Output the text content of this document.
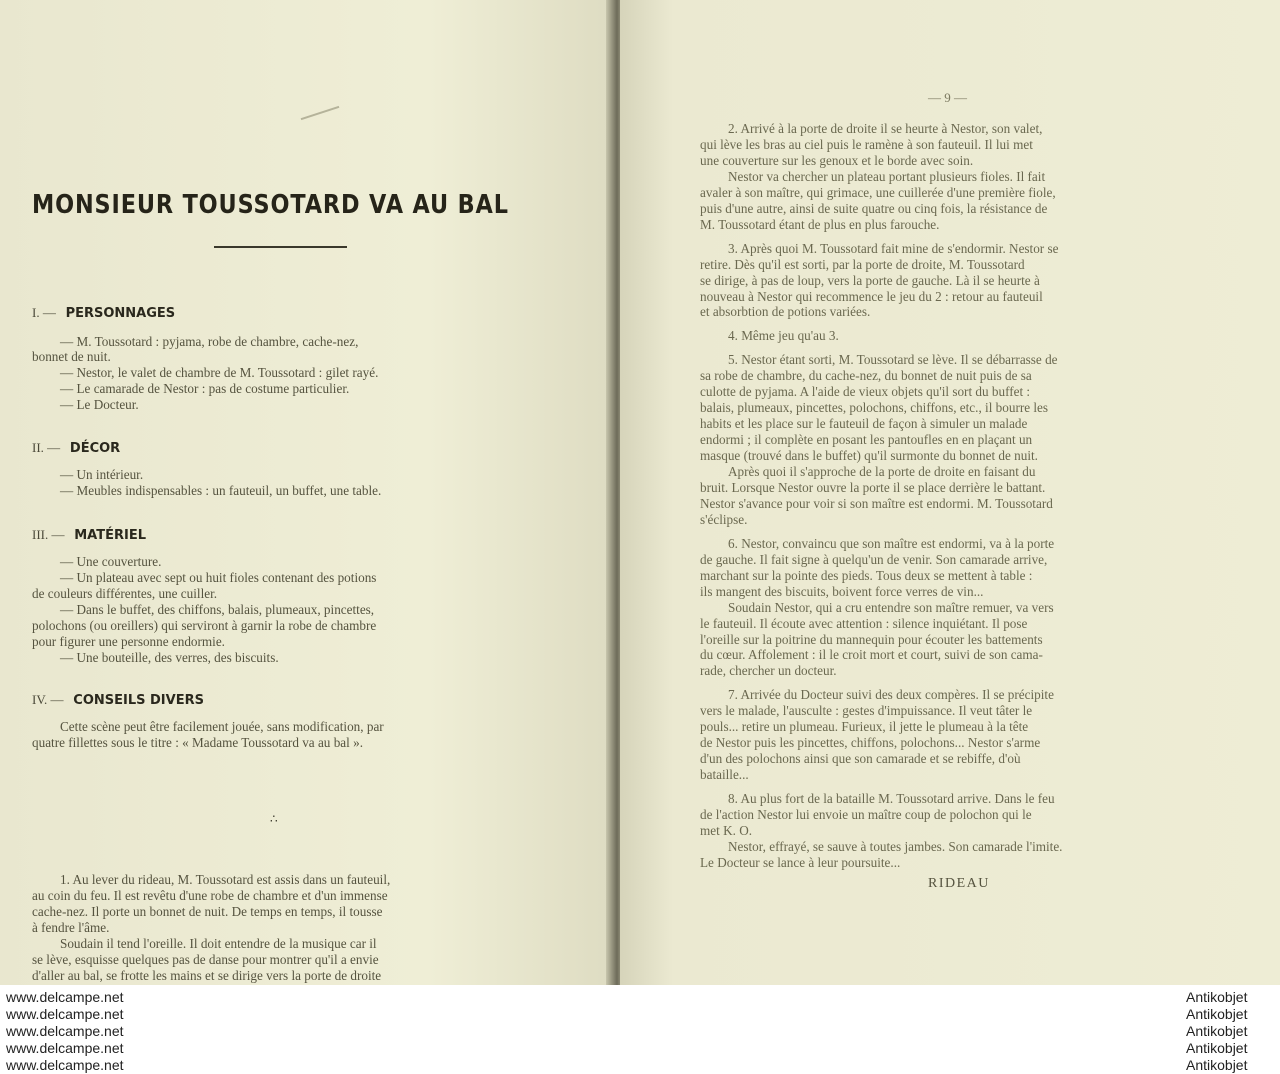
MONSIEUR TOUSSOTARD VA AU BAL
I. — PERSONNAGES
— M. Toussotard : pyjama, robe de chambre, cache-nez,
bonnet de nuit.
— Nestor, le valet de chambre de M. Toussotard : gilet rayé.
— Le camarade de Nestor : pas de costume particulier.
— Le Docteur.
II. — DÉCOR
— Un intérieur.
— Meubles indispensables : un fauteuil, un buffet, une table.
III. — MATÉRIEL
— Une couverture.
— Un plateau avec sept ou huit fioles contenant des potions
de couleurs différentes, une cuiller.
— Dans le buffet, des chiffons, balais, plumeaux, pincettes,
polochons (ou oreillers) qui serviront à garnir la robe de chambre
pour figurer une personne endormie.
— Une bouteille, des verres, des biscuits.
IV. — CONSEILS DIVERS
Cette scène peut être facilement jouée, sans modification, par
quatre fillettes sous le titre : « Madame Toussotard va au bal ».
∴
1. Au lever du rideau, M. Toussotard est assis dans un fauteuil,
au coin du feu. Il est revêtu d'une robe de chambre et d'un immense
cache-nez. Il porte un bonnet de nuit. De temps en temps, il tousse
à fendre l'âme.
Soudain il tend l'oreille. Il doit entendre de la musique car il
se lève, esquisse quelques pas de danse pour montrer qu'il a envie
d'aller au bal, se frotte les mains et se dirige vers la porte de droite
— 9 —
2. Arrivé à la porte de droite il se heurte à Nestor, son valet,
qui lève les bras au ciel puis le ramène à son fauteuil. Il lui met
une couverture sur les genoux et le borde avec soin.
Nestor va chercher un plateau portant plusieurs fioles. Il fait
avaler à son maître, qui grimace, une cuillerée d'une première fiole,
puis d'une autre, ainsi de suite quatre ou cinq fois, la résistance de
M. Toussotard étant de plus en plus farouche.
3. Après quoi M. Toussotard fait mine de s'endormir. Nestor se
retire. Dès qu'il est sorti, par la porte de droite, M. Toussotard
se dirige, à pas de loup, vers la porte de gauche. Là il se heurte à
nouveau à Nestor qui recommence le jeu du 2 : retour au fauteuil
et absorbtion de potions variées.
4. Même jeu qu'au 3.
5. Nestor étant sorti, M. Toussotard se lève. Il se débarrasse de
sa robe de chambre, du cache-nez, du bonnet de nuit puis de sa
culotte de pyjama. A l'aide de vieux objets qu'il sort du buffet :
balais, plumeaux, pincettes, polochons, chiffons, etc., il bourre les
habits et les place sur le fauteuil de façon à simuler un malade
endormi ; il complète en posant les pantoufles en en plaçant un
masque (trouvé dans le buffet) qu'il surmonte du bonnet de nuit.
Après quoi il s'approche de la porte de droite en faisant du
bruit. Lorsque Nestor ouvre la porte il se place derrière le battant.
Nestor s'avance pour voir si son maître est endormi. M. Toussotard
s'éclipse.
6. Nestor, convaincu que son maître est endormi, va à la porte
de gauche. Il fait signe à quelqu'un de venir. Son camarade arrive,
marchant sur la pointe des pieds. Tous deux se mettent à table :
ils mangent des biscuits, boivent force verres de vin...
Soudain Nestor, qui a cru entendre son maître remuer, va vers
le fauteuil. Il écoute avec attention : silence inquiétant. Il pose
l'oreille sur la poitrine du mannequin pour écouter les battements
du cœur. Affolement : il le croit mort et court, suivi de son cama-
rade, chercher un docteur.
7. Arrivée du Docteur suivi des deux compères. Il se précipite
vers le malade, l'ausculte : gestes d'impuissance. Il veut tâter le
pouls... retire un plumeau. Furieux, il jette le plumeau à la tête
de Nestor puis les pincettes, chiffons, polochons... Nestor s'arme
d'un des polochons ainsi que son camarade et se rebiffe, d'où
bataille...
8. Au plus fort de la bataille M. Toussotard arrive. Dans le feu
de l'action Nestor lui envoie un maître coup de polochon qui le
met K. O.
Nestor, effrayé, se sauve à toutes jambes. Son camarade l'imite.
Le Docteur se lance à leur poursuite...
RIDEAU
www.delcampe.net
www.delcampe.net
www.delcampe.net
www.delcampe.net
www.delcampe.net
Antikobjet
Antikobjet
Antikobjet
Antikobjet
Antikobjet
